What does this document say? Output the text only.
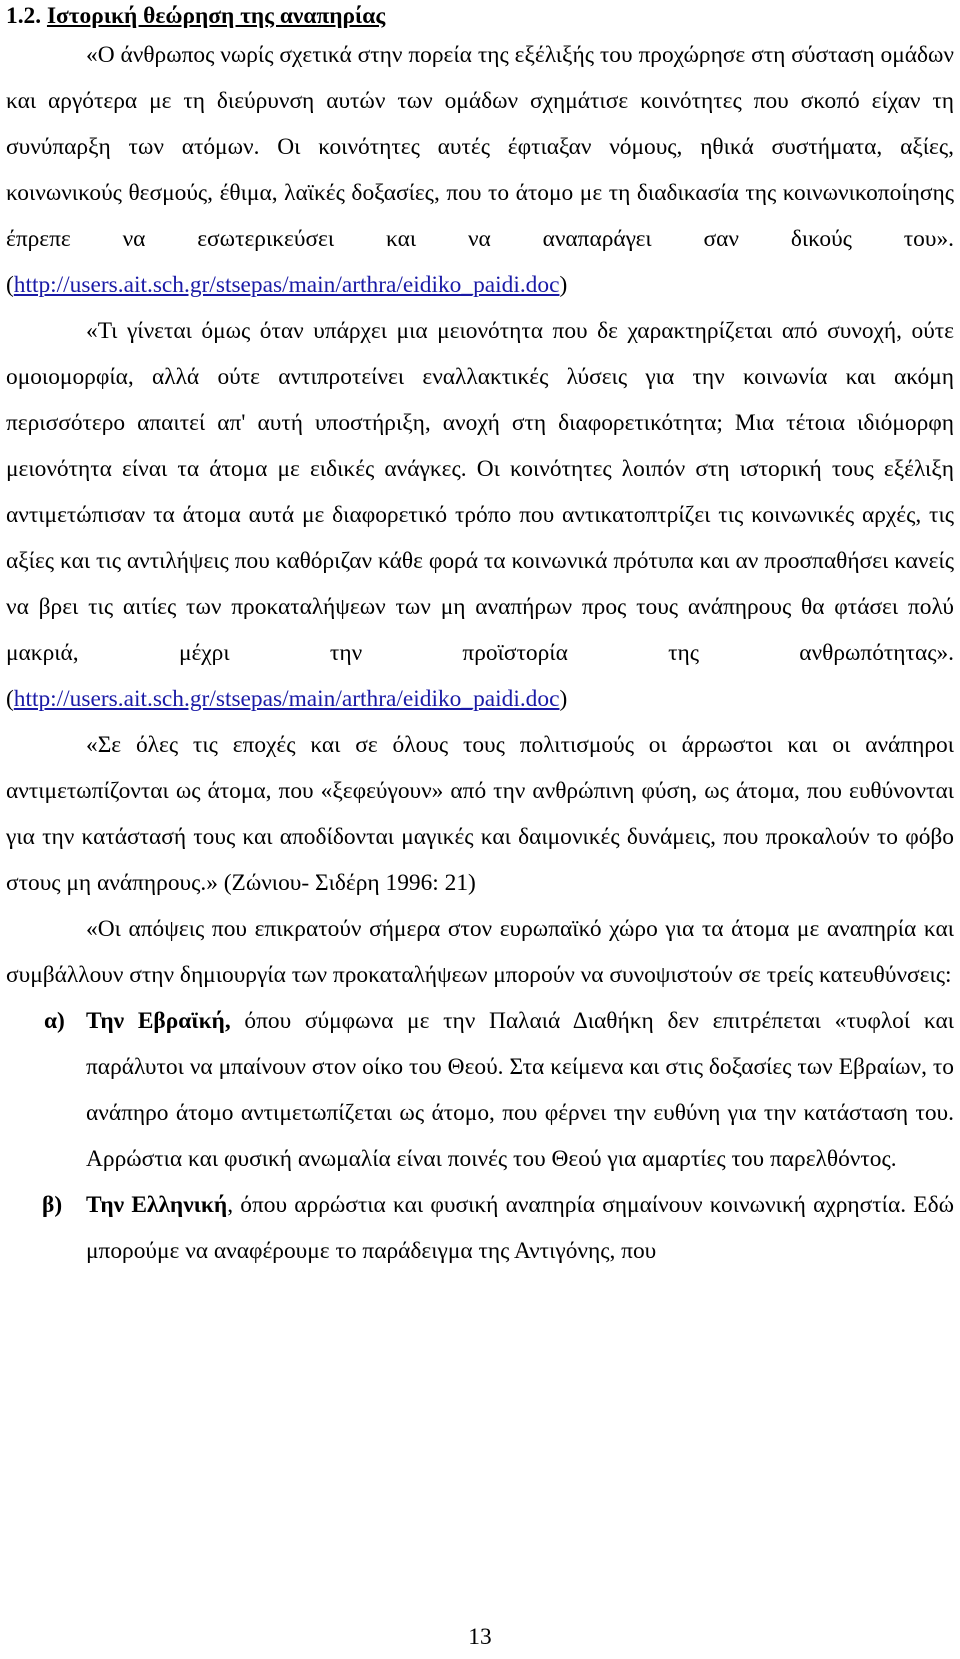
1.2. Ιστορική θεώρηση της αναπηρίας

«Ο άνθρωπος νωρίς σχετικά στην πορεία της εξέλιξής του προχώρησε στη σύσταση ομάδων και αργότερα με τη διεύρυνση αυτών των ομάδων σχημάτισε κοινότητες που σκοπό είχαν τη συνύπαρξη των ατόμων. Οι κοινότητες αυτές έφτιαξαν νόμους, ηθικά συστήματα, αξίες, κοινωνικούς θεσμούς, έθιμα, λαϊκές δοξασίες, που το άτομο με τη διαδικασία της κοινωνικοποίησης έπρεπε να εσωτερικεύσει και να αναπαράγει σαν δικούς του». (http://users.ait.sch.gr/stsepas/main/arthra/eidiko_paidi.doc)

«Τι γίνεται όμως όταν υπάρχει μια μειονότητα που δε χαρακτηρίζεται από συνοχή, ούτε ομοιομορφία, αλλά ούτε αντιπροτείνει εναλλακτικές λύσεις για την κοινωνία και ακόμη περισσότερο απαιτεί απ' αυτή υποστήριξη, ανοχή στη διαφορετικότητα; Μια τέτοια ιδιόμορφη μειονότητα είναι τα άτομα με ειδικές ανάγκες. Οι κοινότητες λοιπόν στη ιστορική τους εξέλιξη αντιμετώπισαν τα άτομα αυτά με διαφορετικό τρόπο που αντικατοπτρίζει τις κοινωνικές αρχές, τις αξίες και τις αντιλήψεις που καθόριζαν κάθε φορά τα κοινωνικά πρότυπα και αν προσπαθήσει κανείς να βρει τις αιτίες των προκαταλήψεων των μη αναπήρων προς τους ανάπηρους θα φτάσει πολύ μακριά, μέχρι την προϊστορία της ανθρωπότητας». (http://users.ait.sch.gr/stsepas/main/arthra/eidiko_paidi.doc)

«Σε όλες τις εποχές και σε όλους τους πολιτισμούς οι άρρωστοι και οι ανάπηροι αντιμετωπίζονται ως άτομα, που «ξεφεύγουν» από την ανθρώπινη φύση, ως άτομα, που ευθύνονται για την κατάστασή τους και αποδίδονται μαγικές και δαιμονικές δυνάμεις, που προκαλούν το φόβο στους μη ανάπηρους.» (Ζώνιου- Σιδέρη 1996: 21)

«Οι απόψεις που επικρατούν σήμερα στον ευρωπαϊκό χώρο για τα άτομα με αναπηρία και συμβάλλουν στην δημιουργία των προκαταλήψεων μπορούν να συνοψιστούν σε τρείς κατευθύνσεις:

α) Την Εβραϊκή, όπου σύμφωνα με την Παλαιά Διαθήκη δεν επιτρέπεται «τυφλοί και παράλυτοι να μπαίνουν στον οίκο του Θεού. Στα κείμενα και στις δοξασίες των Εβραίων, το ανάπηρο άτομο αντιμετωπίζεται ως άτομο, που φέρνει την ευθύνη για την κατάσταση του. Αρρώστια και φυσική ανωμαλία είναι ποινές του Θεού για αμαρτίες του παρελθόντος.

β) Την Ελληνική, όπου αρρώστια και φυσική αναπηρία σημαίνουν κοινωνική αχρηστία. Εδώ μπορούμε να αναφέρουμε το παράδειγμα της Αντιγόνης, που

13
